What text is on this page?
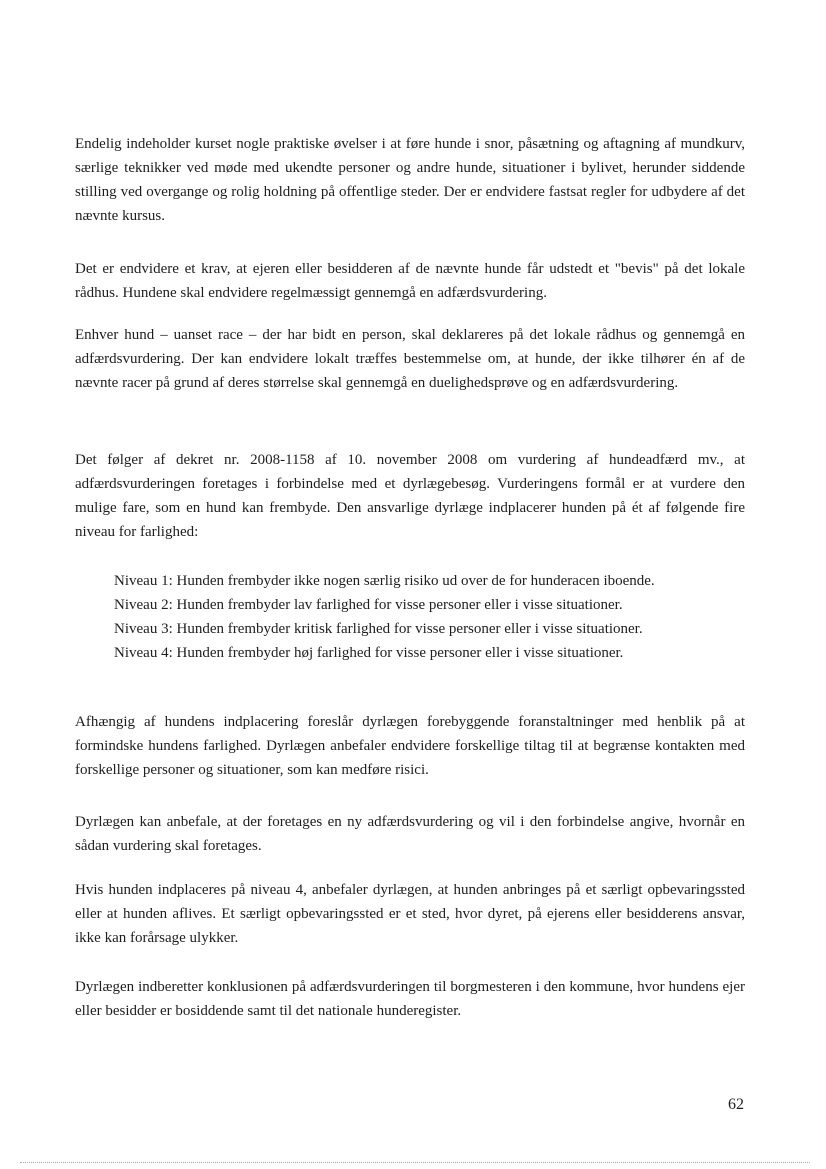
Endelig indeholder kurset nogle praktiske øvelser i at føre hunde i snor, påsætning og aftagning af mundkurv, særlige teknikker ved møde med ukendte personer og andre hunde, situationer i bylivet, herunder siddende stilling ved overgange og rolig holdning på offentlige steder. Der er endvidere fastsat regler for udbydere af det nævnte kursus.

Det er endvidere et krav, at ejeren eller besidderen af de nævnte hunde får udstedt et "bevis" på det lokale rådhus. Hundene skal endvidere regelmæssigt gennemgå en adfærdsvurdering.

Enhver hund – uanset race – der har bidt en person, skal deklareres på det lokale rådhus og gennemgå en adfærdsvurdering. Der kan endvidere lokalt træffes bestemmelse om, at hunde, der ikke tilhører én af de nævnte racer på grund af deres størrelse skal gennemgå en duelighedsprøve og en adfærdsvurdering.

Det følger af dekret nr. 2008-1158 af 10. november 2008 om vurdering af hundeadfærd mv., at adfærdsvurderingen foretages i forbindelse med et dyrlægebesøg. Vurderingens formål er at vurdere den mulige fare, som en hund kan frembyde. Den ansvarlige dyrlæge indplacerer hunden på ét af følgende fire niveau for farlighed:

Niveau 1: Hunden frembyder ikke nogen særlig risiko ud over de for hunderacen iboende.

Niveau 2: Hunden frembyder lav farlighed for visse personer eller i visse situationer.

Niveau 3: Hunden frembyder kritisk farlighed for visse personer eller i visse situationer.

Niveau 4: Hunden frembyder høj farlighed for visse personer eller i visse situationer.

Afhængig af hundens indplacering foreslår dyrlægen forebyggende foranstaltninger med henblik på at formindske hundens farlighed. Dyrlægen anbefaler endvidere forskellige tiltag til at begrænse kontakten med forskellige personer og situationer, som kan medføre risici.

Dyrlægen kan anbefale, at der foretages en ny adfærdsvurdering og vil i den forbindelse angive, hvornår en sådan vurdering skal foretages.

Hvis hunden indplaceres på niveau 4, anbefaler dyrlægen, at hunden anbringes på et særligt opbevaringssted eller at hunden aflives. Et særligt opbevaringssted er et sted, hvor dyret, på ejerens eller besidderens ansvar, ikke kan forårsage ulykker.

Dyrlægen indberetter konklusionen på adfærdsvurderingen til borgmesteren i den kommune, hvor hundens ejer eller besidder er bosiddende samt til det nationale hunderegister.

62
